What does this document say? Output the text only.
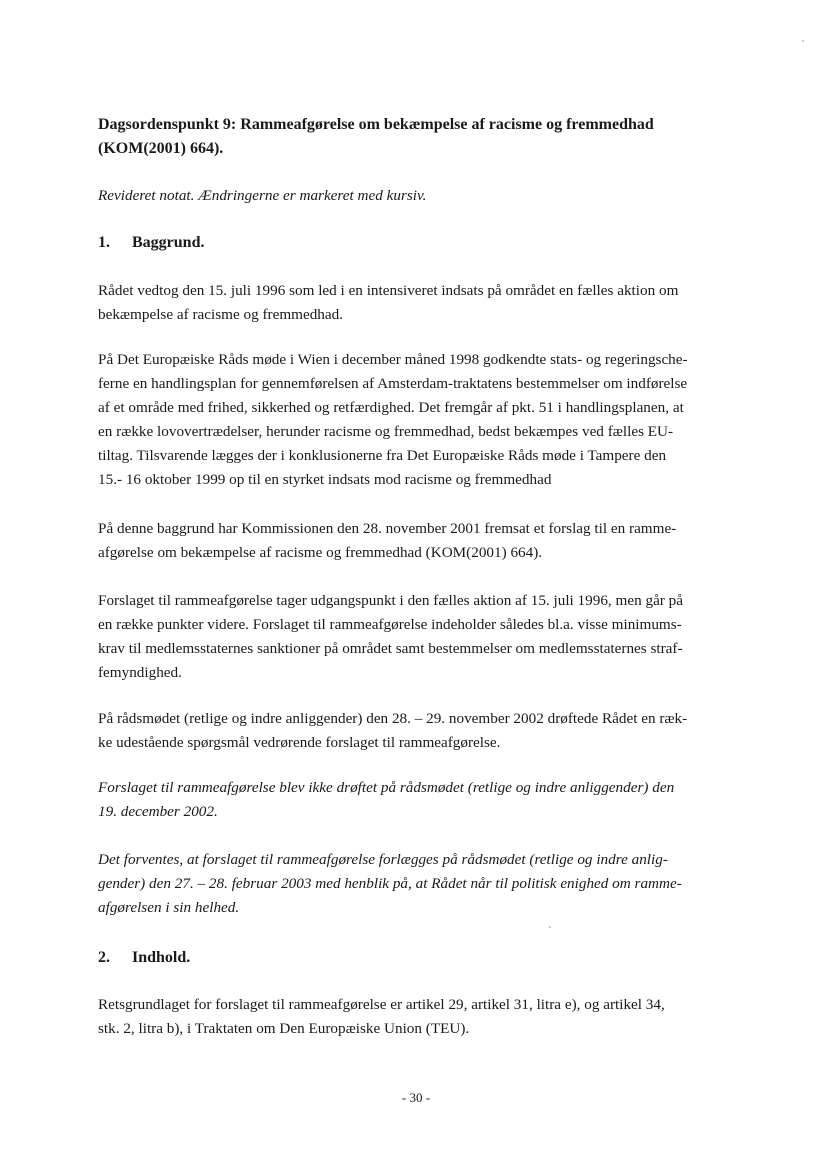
Dagsordenspunkt 9: Rammeafgørelse om bekæmpelse af racisme og fremmedhad
(KOM(2001) 664).
Revideret notat. Ændringerne er markeret med kursiv.
1. Baggrund.
Rådet vedtog den 15. juli 1996 som led i en intensiveret indsats på området en fælles aktion om
bekæmpelse af racisme og fremmedhad.
På Det Europæiske Råds møde i Wien i december måned 1998 godkendte stats- og regeringsche-
ferne en handlingsplan for gennemførelsen af Amsterdam-traktatens bestemmelser om indførelse
af et område med frihed, sikkerhed og retfærdighed. Det fremgår af pkt. 51 i handlingsplanen, at
en række lovovertrædelser, herunder racisme og fremmedhad, bedst bekæmpes ved fælles EU-
tiltag. Tilsvarende lægges der i konklusionerne fra Det Europæiske Råds møde i Tampere den
15.- 16 oktober 1999 op til en styrket indsats mod racisme og fremmedhad
På denne baggrund har Kommissionen den 28. november 2001 fremsat et forslag til en ramme-
afgørelse om bekæmpelse af racisme og fremmedhad (KOM(2001) 664).
Forslaget til rammeafgørelse tager udgangspunkt i den fælles aktion af 15. juli 1996, men går på
en række punkter videre. Forslaget til rammeafgørelse indeholder således bl.a. visse minimums-
krav til medlemsstaternes sanktioner på området samt bestemmelser om medlemsstaternes straf-
femyndighed.
På rådsmødet (retlige og indre anliggender) den 28. – 29. november 2002 drøftede Rådet en ræk-
ke udestående spørgsmål vedrørende forslaget til rammeafgørelse.
Forslaget til rammeafgørelse blev ikke drøftet på rådsmødet (retlige og indre anliggender) den
19. december 2002.
Det forventes, at forslaget til rammeafgørelse forlægges på rådsmødet (retlige og indre anlig-
gender) den 27. – 28. februar 2003 med henblik på, at Rådet når til politisk enighed om ramme-
afgørelsen i sin helhed.
2. Indhold.
Retsgrundlaget for forslaget til rammeafgørelse er artikel 29, artikel 31, litra e), og artikel 34,
stk. 2, litra b), i Traktaten om Den Europæiske Union (TEU).
- 30 -
